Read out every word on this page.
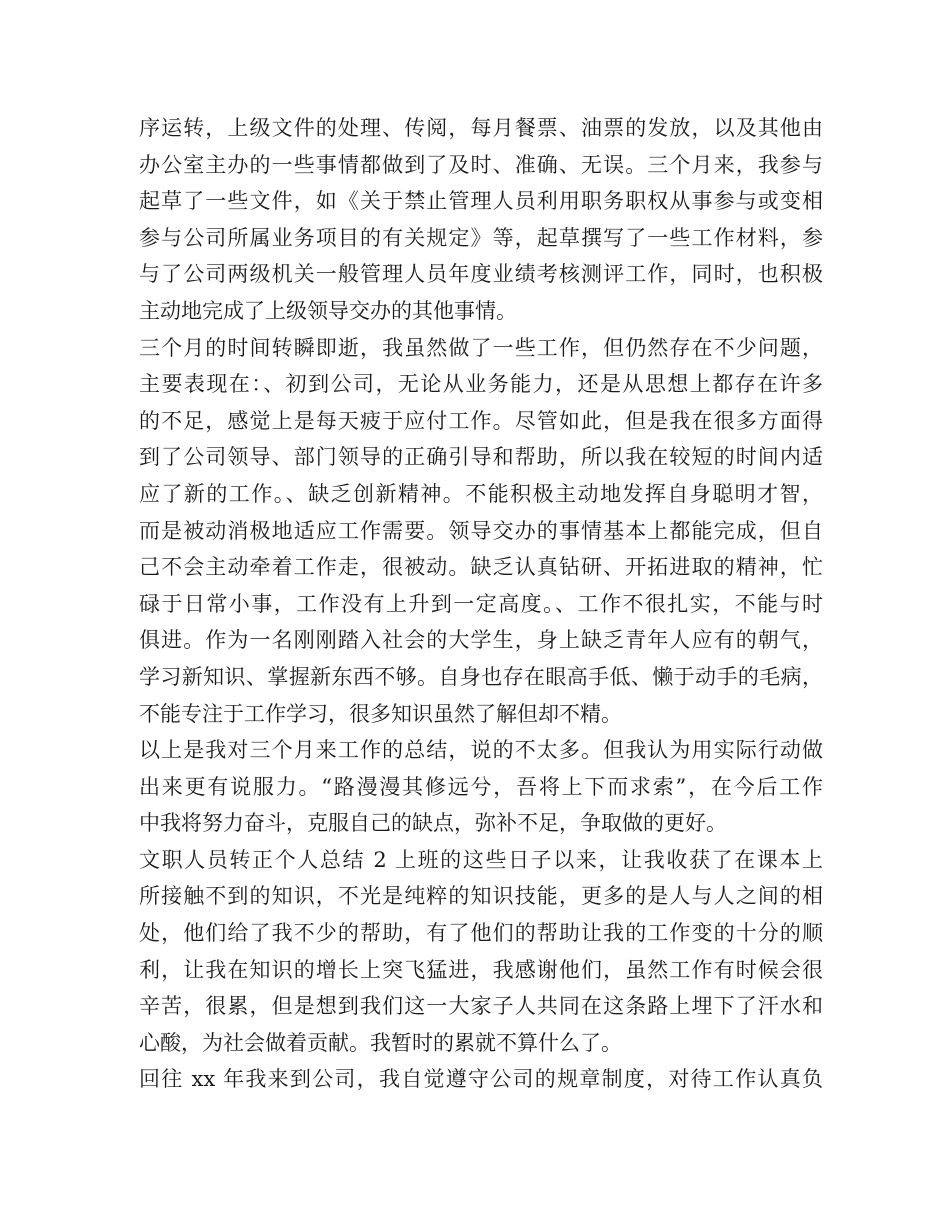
序运转，上级文件的处理、传阅，每月餐票、油票的发放，以及其他由
办公室主办的一些事情都做到了及时、准确、无误。三个月来，我参与
起草了一些文件，如《关于禁止管理人员利用职务职权从事参与或变相
参与公司所属业务项目的有关规定》等，起草撰写了一些工作材料，参
与了公司两级机关一般管理人员年度业绩考核测评工作，同时，也积极
主动地完成了上级领导交办的其他事情。
三个月的时间转瞬即逝，我虽然做了一些工作，但仍然存在不少问题，
主要表现在：、初到公司，无论从业务能力，还是从思想上都存在许多
的不足，感觉上是每天疲于应付工作。尽管如此，但是我在很多方面得
到了公司领导、部门领导的正确引导和帮助，所以我在较短的时间内适
应了新的工作。、缺乏创新精神。不能积极主动地发挥自身聪明才智，
而是被动消极地适应工作需要。领导交办的事情基本上都能完成，但自
己不会主动牵着工作走，很被动。缺乏认真钻研、开拓进取的精神，忙
碌于日常小事，工作没有上升到一定高度。、工作不很扎实，不能与时
俱进。作为一名刚刚踏入社会的大学生，身上缺乏青年人应有的朝气，
学习新知识、掌握新东西不够。自身也存在眼高手低、懒于动手的毛病，
不能专注于工作学习，很多知识虽然了解但却不精。
以上是我对三个月来工作的总结，说的不太多。但我认为用实际行动做
出来更有说服力。“路漫漫其修远兮，吾将上下而求索”，在今后工作
中我将努力奋斗，克服自己的缺点，弥补不足，争取做的更好。
文职人员转正个人总结 2 上班的这些日子以来，让我收获了在课本上
所接触不到的知识，不光是纯粹的知识技能，更多的是人与人之间的相
处，他们给了我不少的帮助，有了他们的帮助让我的工作变的十分的顺
利，让我在知识的增长上突飞猛进，我感谢他们，虽然工作有时候会很
辛苦，很累，但是想到我们这一大家子人共同在这条路上埋下了汗水和
心酸，为社会做着贡献。我暂时的累就不算什么了。
回往 xx 年我来到公司，我自觉遵守公司的规章制度，对待工作认真负
